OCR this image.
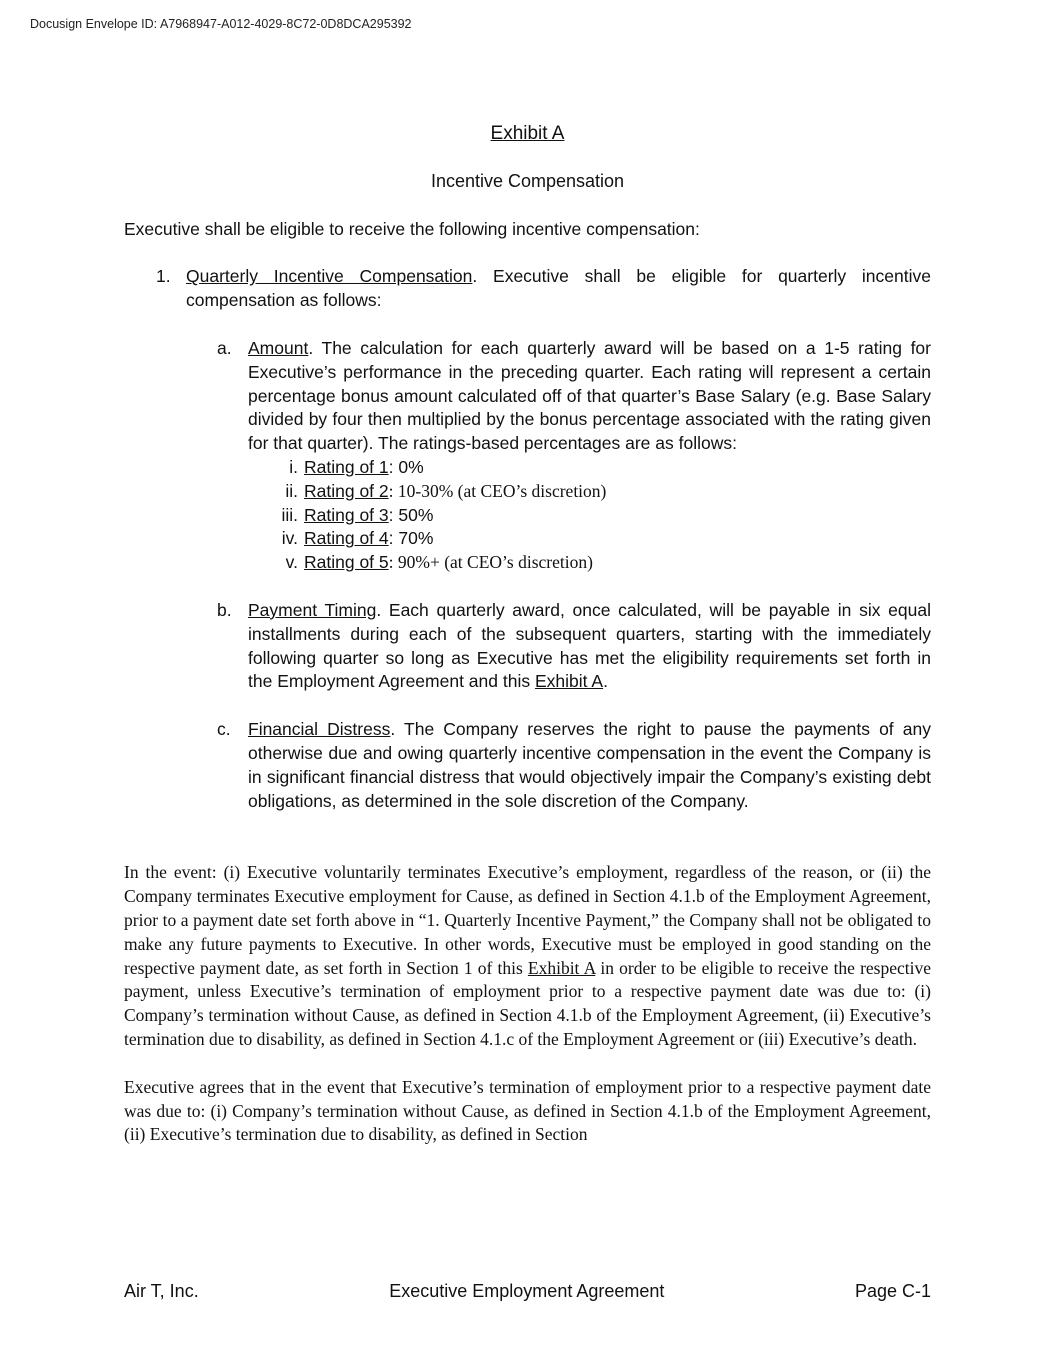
Docusign Envelope ID: A7968947-A012-4029-8C72-0D8DCA295392
Exhibit A
Incentive Compensation

Executive shall be eligible to receive the following incentive compensation:

1. Quarterly Incentive Compensation. Executive shall be eligible for quarterly incentive compensation as follows:
a. Amount. The calculation for each quarterly award will be based on a 1-5 rating for Executive’s performance in the preceding quarter. Each rating will represent a certain percentage bonus amount calculated off of that quarter’s Base Salary (e.g. Base Salary divided by four then multiplied by the bonus percentage associated with the rating given for that quarter). The ratings-based percentages are as follows:

i. Rating of 1: 0%
ii. Rating of 2: 10-30% (at CEO’s discretion)
iii. Rating of 3: 50%
iv. Rating of 4: 70%
v. Rating of 5: 90%+ (at CEO’s discretion)
b. Payment Timing. Each quarterly award, once calculated, will be payable in six equal installments during each of the subsequent quarters, starting with the immediately following quarter so long as Executive has met the eligibility requirements set forth in the Employment Agreement and this Exhibit A.
c. Financial Distress. The Company reserves the right to pause the payments of any otherwise due and owing quarterly incentive compensation in the event the Company is in significant financial distress that would objectively impair the Company’s existing debt obligations, as determined in the sole discretion of the Company.

In the event: (i) Executive voluntarily terminates Executive’s employment, regardless of the reason, or (ii) the Company terminates Executive employment for Cause, as defined in Section 4.1.b of the Employment Agreement, prior to a payment date set forth above in “1. Quarterly Incentive Payment,” the Company shall not be obligated to make any future payments to Executive. In other words, Executive must be employed in good standing on the respective payment date, as set forth in Section 1 of this Exhibit A in order to be eligible to receive the respective payment, unless Executive’s termination of employment prior to a respective payment date was due to: (i) Company’s termination without Cause, as defined in Section 4.1.b of the Employment Agreement, (ii) Executive’s termination due to disability, as defined in Section 4.1.c of the Employment Agreement or (iii) Executive’s death.

Executive agrees that in the event that Executive’s termination of employment prior to a respective payment date was due to: (i) Company’s termination without Cause, as defined in Section 4.1.b of the Employment Agreement, (ii) Executive’s termination due to disability, as defined in Section

Air T, Inc.	Executive Employment Agreement	Page C-1
